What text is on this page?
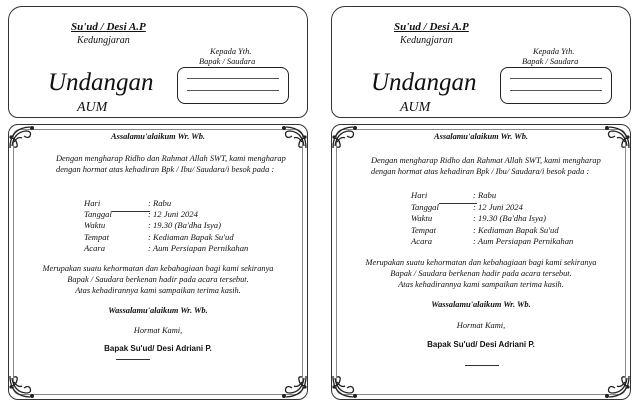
Su'ud / Desi A.P
Kedungjaran
Kepada Yth.
Bapak / Saudara
Undangan
AUM
Assalamu'alaikum Wr. Wb.
Dengan mengharap Ridho dan Rahmat Allah SWT, kami mengharap
dengan hormat atas kehadiran Bpk / Ibu/ Saudara/i besok pada :
Hari	: Rabu
Tanggal	: 12 Juni 2024
Waktu	: 19.30 (Ba'dha Isya)
Tempat	: Kediaman Bapak Su'ud
Acara	: Aum Persiapan Pernikahan
Merupakan suatu kehormatan dan kebahagiaan bagi kami sekiranya
Bapak / Saudara berkenan hadir pada acara tersebut.
Atas kehadirannya kami sampaikan terima kasih.
Wassalamu'alaikum Wr. Wb.
Hormat Kami,
Bapak Su'ud/ Desi Adriani P.
Su'ud / Desi A.P
Kedungjaran
Kepada Yth.
Bapak / Saudara
Undangan
AUM
Assalamu'alaikum Wr. Wb.
Dengan mengharap Ridho dan Rahmat Allah SWT, kami mengharap
dengan hormat atas kehadiran Bpk / Ibu/ Saudara/i besok pada :
Hari	: Rabu
Tanggal	: 12 Juni 2024
Waktu	: 19.30 (Ba'dha Isya)
Tempat	: Kediaman Bapak Su'ud
Acara	: Aum Persiapan Pernikahan
Merupakan suatu kehormatan dan kebahagiaan bagi kami sekiranya
Bapak / Saudara berkenan hadir pada acara tersebut.
Atas kehadirannya kami sampaikan terima kasih.
Wassalamu'alaikum Wr. Wb.
Hormat Kami,
Bapak Su'ud/ Desi Adriani P.
